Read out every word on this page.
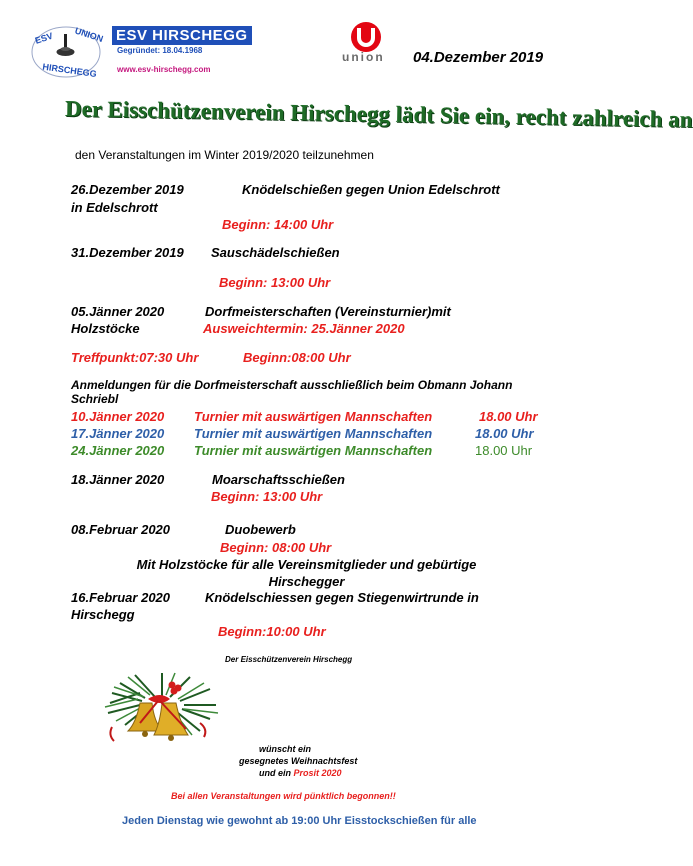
ESV UNION
HIRSCHEGG
ESV HIRSCHEGG
Gegründet: 18.04.1968
www.esv-hirschegg.com
union 04.Dezember 2019
Der Eisschützenverein Hirschegg lädt Sie ein, recht zahlreich an
den Veranstaltungen im Winter 2019/2020 teilzunehmen
26.Dezember 2019	Knödelschießen gegen Union Edelschrott
in Edelschrott
Beginn: 14:00 Uhr
31.Dezember 2019 Sauschädelschießen
Beginn: 13:00 Uhr
05.Jänner 2020	Dorfmeisterschaften (Vereinsturnier)mit
Holzstöcke	Ausweichtermin: 25.Jänner 2020
Treffpunkt:07:30 Uhr	Beginn:08:00 Uhr
Anmeldungen für die Dorfmeisterschaft ausschließlich beim Obmann Johann
Schriebl
10.Jänner 2020 Turnier mit auswärtigen Mannschaften	18.00 Uhr
17.Jänner 2020 Turnier mit auswärtigen Mannschaften	18.00 Uhr
24.Jänner 2020 Turnier mit auswärtigen Mannschaften	18.00 Uhr
18.Jänner 2020	Moarschaftsschießen
Beginn: 13:00 Uhr
08.Februar 2020	Duobewerb
Beginn: 08:00 Uhr
Mit Holzstöcke für alle Vereinsmitglieder und gebürtige
Hirschegger
16.Februar 2020	Knödelschiessen gegen Stiegenwirtrunde in
Hirschegg
Beginn:10:00 Uhr
Der Eisschützenverein Hirschegg
wünscht ein
gesegnetes Weihnachtsfest
und ein Prosit 2020
Bei allen Veranstaltungen wird pünktlich begonnen!!
Jeden Dienstag wie gewohnt ab 19:00 Uhr Eisstockschießen für alle
